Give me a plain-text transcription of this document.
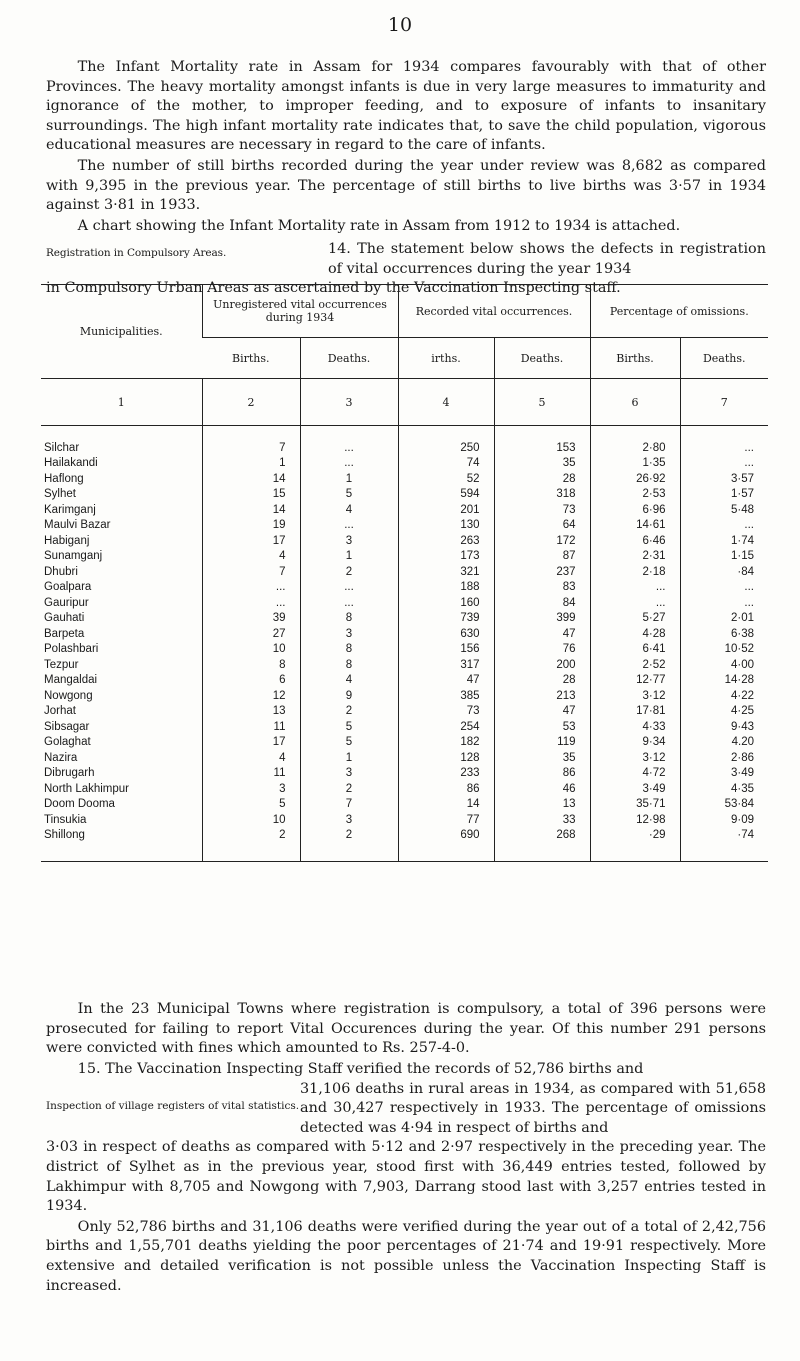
10

The Infant Mortality rate in Assam for 1934 compares favourably with that of other Provinces. The heavy mortality amongst infants is due in very large measures to immaturity and ignorance of the mother, to improper feeding, and to exposure of infants to insanitary surroundings. The high infant mortality rate indicates that, to save the child population, vigorous educational measures are necessary in regard to the care of infants.

The number of still births recorded during the year under review was 8,682 as compared with 9,395 in the previous year. The percentage of still births to live births was 3·57 in 1934 against 3·81 in 1933.

A chart showing the Infant Mortality rate in Assam from 1912 to 1934 is attached.

Registration in Compulsory Areas.	14. The statement below shows the defects in registration of vital occurrences during the year 1934
in Compulsory Urban Areas as ascertained by the Vaccination Inspecting staff.
Municipalities.	Unregistered vital occurrences during 1934		Recorded vital occurrences.		Percentage of omissions.	
	Births.	Deaths.	irths.	Deaths.	Births.	Deaths.
1	2	3	4	5	6	7
Silchar	7	...	250	153	2·80	...
Hailakandi	1	...	74	35	1·35	...
Haflong	14	1	52	28	26·92	3·57
Sylhet	15	5	594	318	2·53	1·57
Karimganj	14	4	201	73	6·96	5·48
Maulvi Bazar	19	...	130	64	14·61	...
Habiganj	17	3	263	172	6·46	1·74
Sunamganj	4	1	173	87	2·31	1·15
Dhubri	7	2	321	237	2·18	·84
Goalpara	...	...	188	83	...	...
Gauripur	...	...	160	84	...	...
Gauhati	39	8	739	399	5·27	2·01
Barpeta	27	3	630	47	4·28	6·38
Polashbari	10	8	156	76	6·41	10·52
Tezpur	8	8	317	200	2·52	4·00
Mangaldai	6	4	47	28	12·77	14·28
Nowgong	12	9	385	213	3·12	4·22
Jorhat	13	2	73	47	17·81	4·25
Sibsagar	11	5	254	53	4·33	9·43
Golaghat	17	5	182	119	9·34	4.20
Nazira	4	1	128	35	3·12	2·86
Dibrugarh	11	3	233	86	4·72	3·49
North Lakhimpur	3	2	86	46	3·49	4·35
Doom Dooma	5	7	14	13	35·71	53·84
Tinsukia	10	3	77	33	12·98	9·09
Shillong	2	2	690	268	·29	·74

In the 23 Municipal Towns where registration is compulsory, a total of 396 persons were prosecuted for failing to report Vital Occurences during the year. Of this number 291 persons were convicted with fines which amounted to Rs. 257-4-0.

15. The Vaccination Inspecting Staff verified the records of 52,786 births and
Inspection of village registers of vital statistics.
31,106 deaths in rural areas in 1934, as compared with 51,658 and 30,427 respectively in 1933. The percentage of omissions detected was 4·94 in respect of births and
3·03 in respect of deaths as compared with 5·12 and 2·97 respectively in the preceding year. The district of Sylhet as in the previous year, stood first with 36,449 entries tested, followed by Lakhimpur with 8,705 and Nowgong with 7,903, Darrang stood last with 3,257 entries tested in 1934.

Only 52,786 births and 31,106 deaths were verified during the year out of a total of 2,42,756 births and 1,55,701 deaths yielding the poor percentages of 21·74 and 19·91 respectively. More extensive and detailed verification is not possible unless the Vaccination Inspecting Staff is increased.
